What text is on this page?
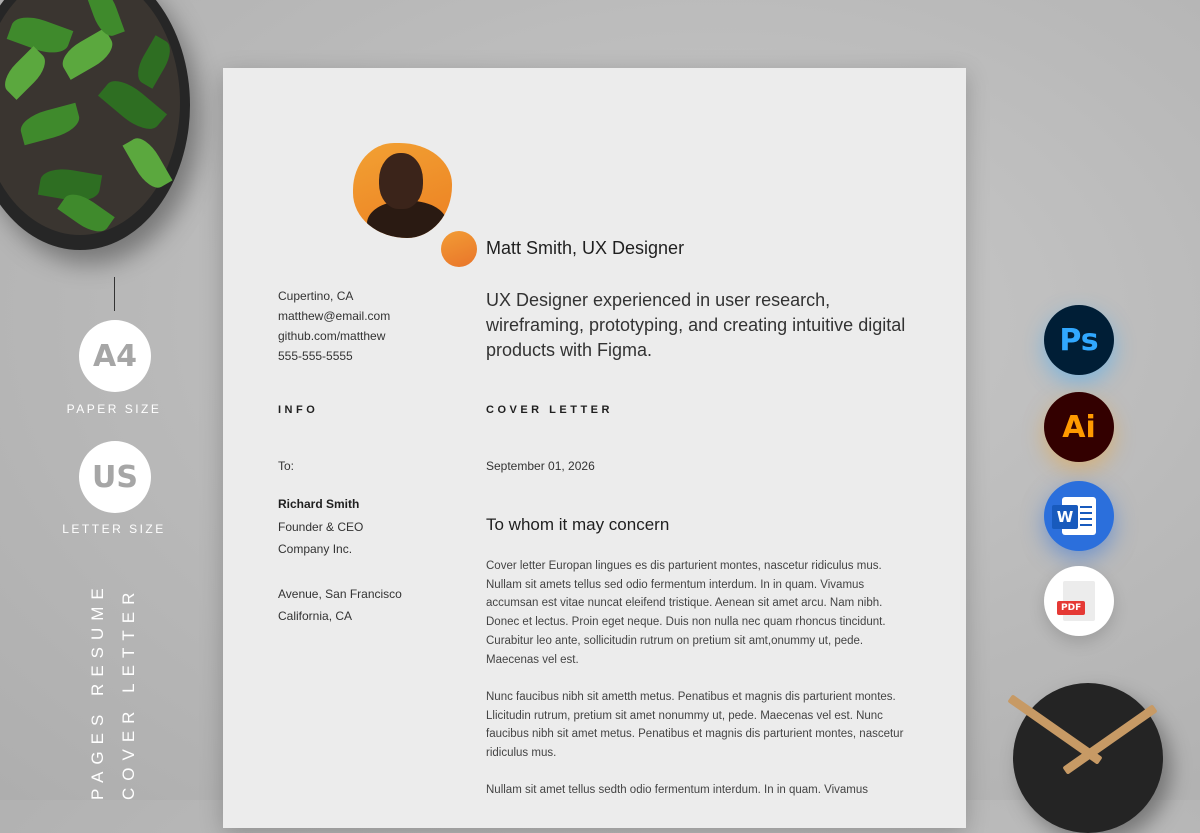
A4
PAPER SIZE
US
LETTER SIZE
PAGES RESUME COVER LETTER
Matt Smith, UX Designer
Cupertino, CA
matthew@email.com
github.com/matthew
555-555-5555
UX Designer experienced in user research, wireframing, prototyping, and creating intuitive digital products with Figma.
INFO	COVER LETTER
To:
Richard Smith
Founder & CEO
Company Inc.
Avenue, San Francisco
California, CA
September 01, 2026
To whom it may concern
Cover letter Europan lingues es dis parturient montes, nascetur ridiculus mus. Nullam sit amets tellus sed odio fermentum interdum. In in quam. Vivamus accumsan est vitae nuncat eleifend tristique. Aenean sit amet arcu. Nam nibh. Donec et lectus. Proin eget neque. Duis non nulla nec quam rhoncus tincidunt. Curabitur leo ante, sollicitudin rutrum on pretium sit amt,onummy ut, pede. Maecenas vel est.
Nunc faucibus nibh sit ametth metus. Penatibus et magnis dis parturient montes. Llicitudin rutrum, pretium sit amet nonummy ut, pede. Maecenas vel est. Nunc faucibus nibh sit amet metus. Penatibus et magnis dis parturient montes, nascetur ridiculus mus.
Nullam sit amet tellus sedth odio fermentum interdum. In in quam. Vivamus
Ps
Ai
W
PDF
